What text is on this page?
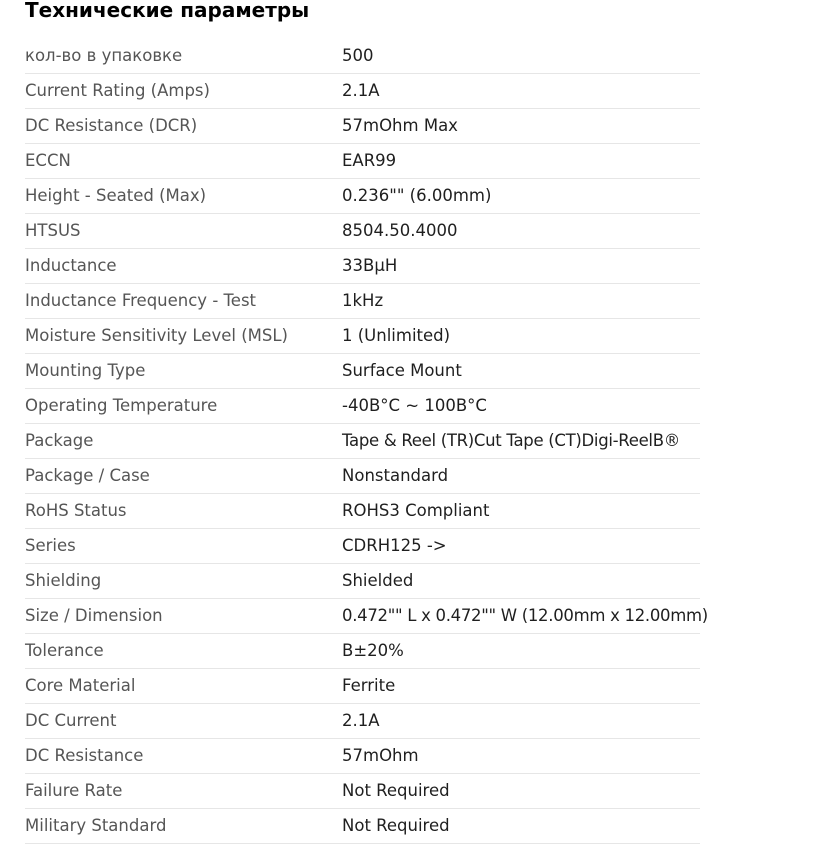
Технические параметры
кол-во в упаковке	500
Current Rating (Amps)	2.1A
DC Resistance (DCR)	57mOhm Max
ECCN	EAR99
Height - Seated (Max)	0.236"" (6.00mm)
HTSUS	8504.50.4000
Inductance	33BµH
Inductance Frequency - Test	1kHz
Moisture Sensitivity Level (MSL)	1 (Unlimited)
Mounting Type	Surface Mount
Operating Temperature	-40B°C ~ 100B°C
Package	Tape & Reel (TR)Cut Tape (CT)Digi-ReelB®
Package / Case	Nonstandard
RoHS Status	ROHS3 Compliant
Series	CDRH125 ->
Shielding	Shielded
Size / Dimension	0.472"" L x 0.472"" W (12.00mm x 12.00mm)
Tolerance	B±20%
Core Material	Ferrite
DC Current	2.1A
DC Resistance	57mOhm
Failure Rate	Not Required
Military Standard	Not Required
